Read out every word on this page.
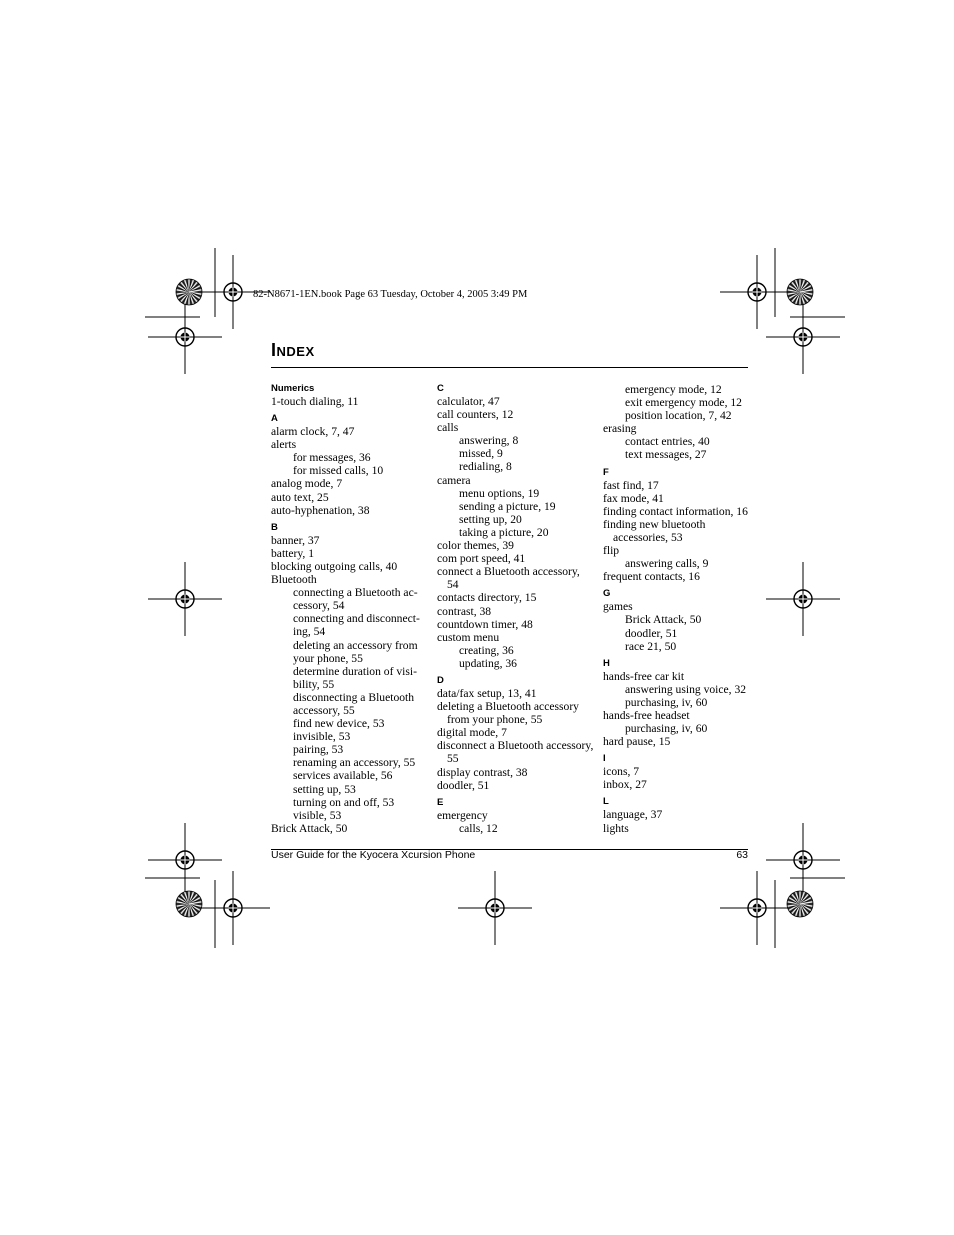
82-N8671-1EN.book Page 63 Tuesday, October 4, 2005 3:49 PM
INDEX
Numerics
1-touch dialing, 11
A
alarm clock, 7, 47
alerts
for messages, 36
for missed calls, 10
analog mode, 7
auto text, 25
auto-hyphenation, 38
B
banner, 37
battery, 1
blocking outgoing calls, 40
Bluetooth
connecting a Bluetooth ac-
cessory, 54
connecting and disconnect-
ing, 54
deleting an accessory from
your phone, 55
determine duration of visi-
bility, 55
disconnecting a Bluetooth
accessory, 55
find new device, 53
invisible, 53
pairing, 53
renaming an accessory, 55
services available, 56
setting up, 53
turning on and off, 53
visible, 53
Brick Attack, 50
C
calculator, 47
call counters, 12
calls
answering, 8
missed, 9
redialing, 8
camera
menu options, 19
sending a picture, 19
setting up, 20
taking a picture, 20
color themes, 39
com port speed, 41
connect a Bluetooth accessory,
54
contacts directory, 15
contrast, 38
countdown timer, 48
custom menu
creating, 36
updating, 36
D
data/fax setup, 13, 41
deleting a Bluetooth accessory
from your phone, 55
digital mode, 7
disconnect a Bluetooth accessory,
55
display contrast, 38
doodler, 51
E
emergency
calls, 12
emergency mode, 12
exit emergency mode, 12
position location, 7, 42
erasing
contact entries, 40
text messages, 27
F
fast find, 17
fax mode, 41
finding contact information, 16
finding new bluetooth
accessories, 53
flip
answering calls, 9
frequent contacts, 16
G
games
Brick Attack, 50
doodler, 51
race 21, 50
H
hands-free car kit
answering using voice, 32
purchasing, iv, 60
hands-free headset
purchasing, iv, 60
hard pause, 15
I
icons, 7
inbox, 27
L
language, 37
lights
User Guide for the Kyocera Xcursion Phone	63
